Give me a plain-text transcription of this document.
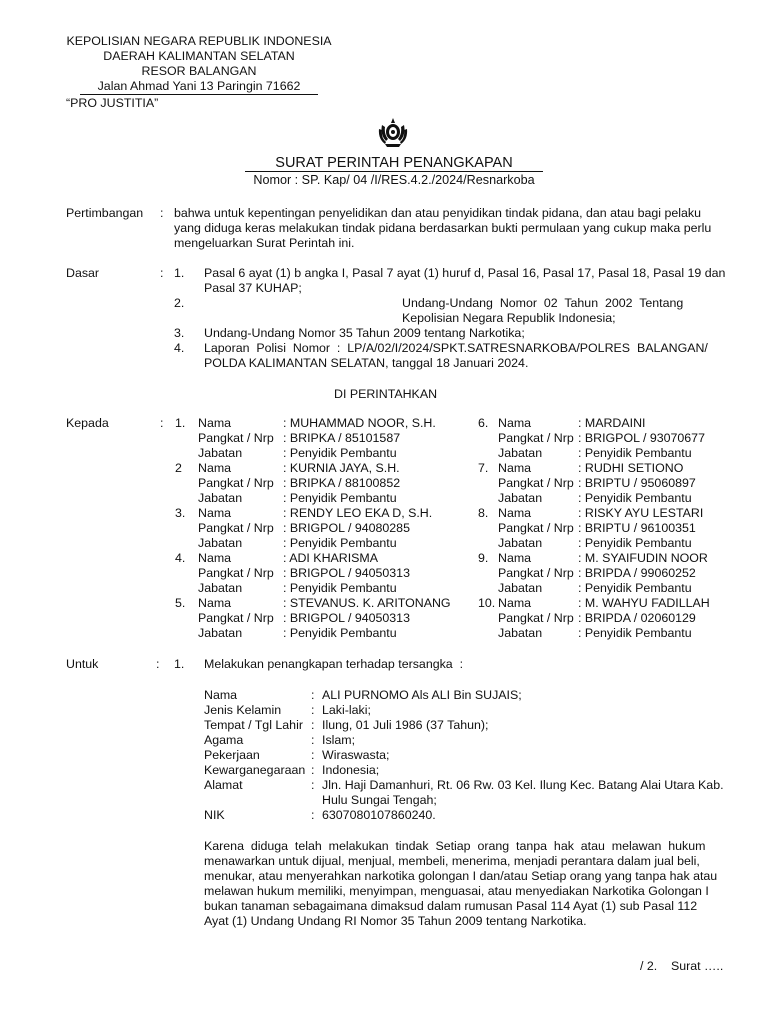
KEPOLISIAN NEGARA REPUBLIK INDONESIA
DAERAH KALIMANTAN SELATAN
RESOR BALANGAN
Jalan Ahmad Yani 13 Paringin 71662
“PRO JUSTITIA”
SURAT PERINTAH PENANGKAPAN
Nomor : SP. Kap/ 04 /I/RES.4.2./2024/Resnarkoba
Pertimbangan : bahwa untuk kepentingan penyelidikan dan atau penyidikan tindak pidana, dan atau bagi pelaku
yang diduga keras melakukan tindak pidana berdasarkan bukti permulaan yang cukup maka perlu
mengeluarkan Surat Perintah ini.
Dasar	: 1. Pasal 6 ayat (1) b angka I, Pasal 7 ayat (1) huruf d, Pasal 16, Pasal 17, Pasal 18, Pasal 19 dan
Pasal 37 KUHAP;
2.	Undang-Undang  Nomor  02  Tahun  2002  Tentang
Kepolisian Negara Republik Indonesia;
3. Undang-Undang Nomor 35 Tahun 2009 tentang Narkotika;
4. Laporan  Polisi  Nomor  :  LP/A/02/I/2024/SPKT.SATRESNARKOBA/POLRES  BALANGAN/
POLDA KALIMANTAN SELATAN, tanggal 18 Januari 2024.
DI PERINTAHKAN
Kepada	: 1. Nama	: MUHAMMAD NOOR, S.H.
Pangkat / Nrp : BRIPKA / 85101587
Jabatan	: Penyidik Pembantu
2 Nama	: KURNIA JAYA, S.H.
Pangkat / Nrp : BRIPKA / 88100852
Jabatan	: Penyidik Pembantu
3. Nama	: RENDY LEO EKA D, S.H.
Pangkat / Nrp : BRIGPOL / 94080285
Jabatan	: Penyidik Pembantu
4. Nama	: ADI KHARISMA
Pangkat / Nrp : BRIGPOL / 94050313
Jabatan	: Penyidik Pembantu
5. Nama	: STEVANUS. K. ARITONANG
Pangkat / Nrp : BRIGPOL / 94050313
Jabatan	: Penyidik Pembantu
6. Nama	: MARDAINI
Pangkat / Nrp : BRIGPOL / 93070677
Jabatan	: Penyidik Pembantu
7. Nama	: RUDHI SETIONO
Pangkat / Nrp : BRIPTU / 95060897
Jabatan	: Penyidik Pembantu
8. Nama	: RISKY AYU LESTARI
Pangkat / Nrp : BRIPTU / 96100351
Jabatan	: Penyidik Pembantu
9. Nama	: M. SYAIFUDIN NOOR
Pangkat / Nrp : BRIPDA / 99060252
Jabatan	: Penyidik Pembantu
10. Nama	: M. WAHYU FADILLAH
Pangkat / Nrp : BRIPDA / 02060129
Jabatan	: Penyidik Pembantu
Untuk	: 1. Melakukan penangkapan terhadap tersangka  :
Nama	: ALI PURNOMO Als ALI Bin SUJAIS;
Jenis Kelamin : Laki-laki;
Tempat / Tgl Lahir : Ilung, 01 Juli 1986 (37 Tahun);
Agama	: Islam;
Pekerjaan	: Wiraswasta;
Kewarganegaraan : Indonesia;
Alamat	: Jln. Haji Damanhuri, Rt. 06 Rw. 03 Kel. Ilung Kec. Batang Alai Utara Kab.
Hulu Sungai Tengah;
NIK	: 6307080107860240.
Karena  diduga  telah  melakukan  tindak  Setiap  orang  tanpa  hak  atau  melawan  hukum
menawarkan untuk dijual, menjual, membeli, menerima, menjadi perantara dalam jual beli,
menukar, atau menyerahkan narkotika golongan I dan/atau Setiap orang yang tanpa hak atau
melawan hukum memiliki, menyimpan, menguasai, atau menyediakan Narkotika Golongan I
bukan tanaman sebagaimana dimaksud dalam rumusan Pasal 114 Ayat (1) sub Pasal 112
Ayat (1) Undang Undang RI Nomor 35 Tahun 2009 tentang Narkotika.
/ 2.    Surat …..
